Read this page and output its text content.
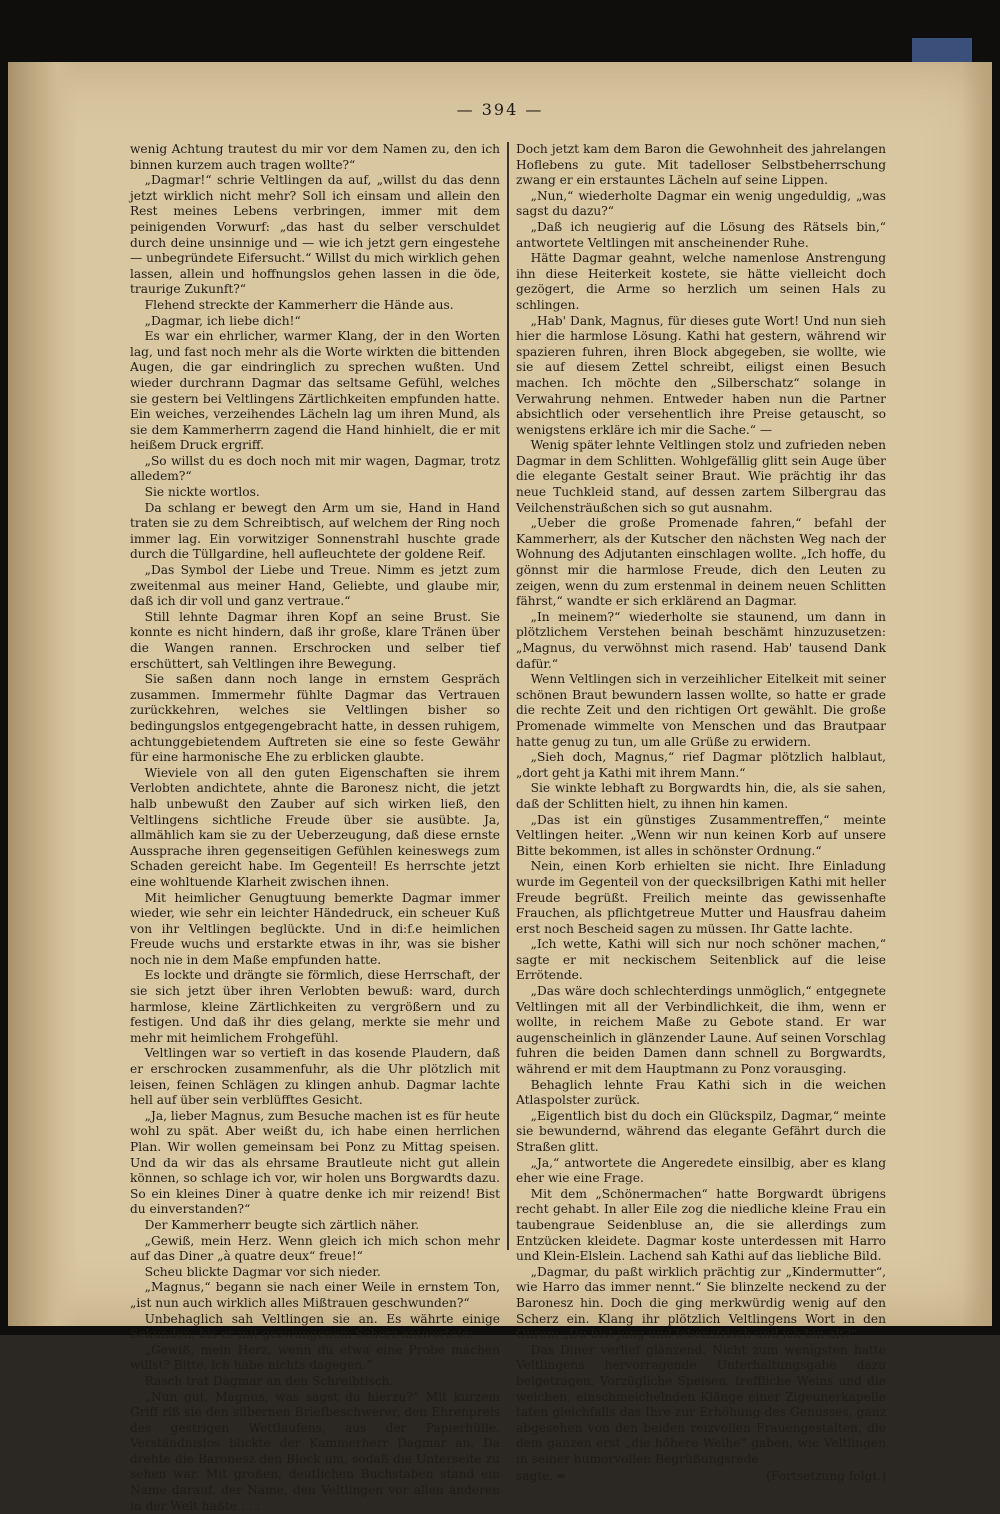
— 394 —

wenig Achtung trautest du mir vor dem Namen zu, den ich binnen kurzem auch tragen wollte?“

„Dagmar!“ schrie Veltlingen da auf, „willst du das denn jetzt wirklich nicht mehr? Soll ich einsam und allein den Rest meines Lebens verbringen, immer mit dem peinigenden Vorwurf: „das hast du selber verschuldet durch deine unsinnige und — wie ich jetzt gern eingestehe — unbegründete Eifersucht.“ Willst du mich wirklich gehen lassen, allein und hoffnungslos gehen lassen in die öde, traurige Zukunft?“

Flehend streckte der Kammerherr die Hände aus.

„Dagmar, ich liebe dich!“

Es war ein ehrlicher, warmer Klang, der in den Worten lag, und fast noch mehr als die Worte wirkten die bittenden Augen, die gar eindringlich zu sprechen wußten. Und wieder durchrann Dagmar das seltsame Gefühl, welches sie gestern bei Veltlingens Zärtlichkeiten empfunden hatte. Ein weiches, verzeihendes Lächeln lag um ihren Mund, als sie dem Kammerherrn zagend die Hand hinhielt, die er mit heißem Druck ergriff.

„So willst du es doch noch mit mir wagen, Dagmar, trotz alledem?“

Sie nickte wortlos.

Da schlang er bewegt den Arm um sie, Hand in Hand traten sie zu dem Schreibtisch, auf welchem der Ring noch immer lag. Ein vorwitziger Sonnenstrahl huschte grade durch die Tüllgardine, hell aufleuchtete der goldene Reif.

„Das Symbol der Liebe und Treue. Nimm es jetzt zum zweitenmal aus meiner Hand, Geliebte, und glaube mir, daß ich dir voll und ganz vertraue.“

Still lehnte Dagmar ihren Kopf an seine Brust. Sie konnte es nicht hindern, daß ihr große, klare Tränen über die Wangen rannen. Erschrocken und selber tief erschüttert, sah Veltlingen ihre Bewegung.

Sie saßen dann noch lange in ernstem Gespräch zusammen. Immermehr fühlte Dagmar das Vertrauen zurückkehren, welches sie Veltlingen bisher so bedingungslos entgegengebracht hatte, in dessen ruhigem, achtunggebietendem Auftreten sie eine so feste Gewähr für eine harmonische Ehe zu erblicken glaubte.

Wieviele von all den guten Eigenschaften sie ihrem Verlobten andichtete, ahnte die Baronesz nicht, die jetzt halb unbewußt den Zauber auf sich wirken ließ, den Veltlingens sichtliche Freude über sie ausübte. Ja, allmählich kam sie zu der Ueberzeugung, daß diese ernste Aussprache ihren gegenseitigen Gefühlen keineswegs zum Schaden gereicht habe. Im Gegenteil! Es herrschte jetzt eine wohltuende Klarheit zwischen ihnen.

Mit heimlicher Genugtuung bemerkte Dagmar immer wieder, wie sehr ein leichter Händedruck, ein scheuer Kuß von ihr Veltlingen beglückte. Und in di:f.e heimlichen Freude wuchs und erstarkte etwas in ihr, was sie bisher noch nie in dem Maße empfunden hatte.

Es lockte und drängte sie förmlich, diese Herrschaft, der sie sich jetzt über ihren Verlobten bewuß: ward, durch harmlose, kleine Zärtlichkeiten zu vergrößern und zu festigen. Und daß ihr dies gelang, merkte sie mehr und mehr mit heimlichem Frohgefühl.

Veltlingen war so vertieft in das kosende Plaudern, daß er erschrocken zusammenfuhr, als die Uhr plötzlich mit leisen, feinen Schlägen zu klingen anhub. Dagmar lachte hell auf über sein verblüfftes Gesicht.

„Ja, lieber Magnus, zum Besuche machen ist es für heute wohl zu spät. Aber weißt du, ich habe einen herrlichen Plan. Wir wollen gemeinsam bei Ponz zu Mittag speisen. Und da wir das als ehrsame Brautleute nicht gut allein können, so schlage ich vor, wir holen uns Borgwardts dazu. So ein kleines Diner à quatre denke ich mir reizend! Bist du einverstanden?“

Der Kammerherr beugte sich zärtlich näher.

„Gewiß, mein Herz. Wenn gleich ich mich schon mehr auf das Diner „à quatre deux“ freue!“

Scheu blickte Dagmar vor sich nieder.

„Magnus,“ begann sie nach einer Weile in ernstem Ton, „ist nun auch wirklich alles Mißtrauen geschwunden?“

Unbehaglich sah Veltlingen sie an. Es währte einige Sekunden, bis er mit gezwungenem Scherz antwortete:

„Gewiß, mein Herz, wenn du etwa eine Probe machen willst? Bitte, ich habe nichts dagegen.“

Rasch trat Dagmar an den Schreibtisch.

„Nun gut, Magnus, was sagst du hierzu?“ Mit kurzem Griff riß sie den silbernen Briefbeschwerer, den Ehrenpreis des gestrigen Wettlaufens, aus der Papierhülle. Verständnislos blickte der Kammerherr Dagmar an. Da drehte die Baronesz den Block um, sodaß die Unterseite zu sehen war. Mit großen, deutlichen Buchstaben stand ein Name darauf, der Name, den Veltlingen vor allen anderen in der Welt haßte . . .

Doch jetzt kam dem Baron die Gewohnheit des jahrelangen Hoflebens zu gute. Mit tadelloser Selbstbeherrschung zwang er ein erstauntes Lächeln auf seine Lippen.

„Nun,“ wiederholte Dagmar ein wenig ungeduldig, „was sagst du dazu?“

„Daß ich neugierig auf die Lösung des Rätsels bin,“ antwortete Veltlingen mit anscheinender Ruhe.

Hätte Dagmar geahnt, welche namenlose Anstrengung ihn diese Heiterkeit kostete, sie hätte vielleicht doch gezögert, die Arme so herzlich um seinen Hals zu schlingen.

„Hab' Dank, Magnus, für dieses gute Wort! Und nun sieh hier die harmlose Lösung. Kathi hat gestern, während wir spazieren fuhren, ihren Block abgegeben, sie wollte, wie sie auf diesem Zettel schreibt, eiligst einen Besuch machen. Ich möchte den „Silberschatz“ solange in Verwahrung nehmen. Entweder haben nun die Partner absichtlich oder versehentlich ihre Preise getauscht, so wenigstens erkläre ich mir die Sache.“ —

Wenig später lehnte Veltlingen stolz und zufrieden neben Dagmar in dem Schlitten. Wohlgefällig glitt sein Auge über die elegante Gestalt seiner Braut. Wie prächtig ihr das neue Tuchkleid stand, auf dessen zartem Silbergrau das Veilchensträußchen sich so gut ausnahm.

„Ueber die große Promenade fahren,“ befahl der Kammerherr, als der Kutscher den nächsten Weg nach der Wohnung des Adjutanten einschlagen wollte. „Ich hoffe, du gönnst mir die harmlose Freude, dich den Leuten zu zeigen, wenn du zum erstenmal in deinem neuen Schlitten fährst,“ wandte er sich erklärend an Dagmar.

„In meinem?“ wiederholte sie staunend, um dann in plötzlichem Verstehen beinah beschämt hinzuzusetzen: „Magnus, du verwöhnst mich rasend. Hab' tausend Dank dafür.“

Wenn Veltlingen sich in verzeihlicher Eitelkeit mit seiner schönen Braut bewundern lassen wollte, so hatte er grade die rechte Zeit und den richtigen Ort gewählt. Die große Promenade wimmelte von Menschen und das Brautpaar hatte genug zu tun, um alle Grüße zu erwidern.

„Sieh doch, Magnus,“ rief Dagmar plötzlich halblaut, „dort geht ja Kathi mit ihrem Mann.“

Sie winkte lebhaft zu Borgwardts hin, die, als sie sahen, daß der Schlitten hielt, zu ihnen hin kamen.

„Das ist ein günstiges Zusammentreffen,“ meinte Veltlingen heiter. „Wenn wir nun keinen Korb auf unsere Bitte bekommen, ist alles in schönster Ordnung.“

Nein, einen Korb erhielten sie nicht. Ihre Einladung wurde im Gegenteil von der quecksilbrigen Kathi mit heller Freude begrüßt. Freilich meinte das gewissenhafte Frauchen, als pflichtgetreue Mutter und Hausfrau daheim erst noch Bescheid sagen zu müssen. Ihr Gatte lachte.

„Ich wette, Kathi will sich nur noch schöner machen,“ sagte er mit neckischem Seitenblick auf die leise Errötende.

„Das wäre doch schlechterdings unmöglich,“ entgegnete Veltlingen mit all der Verbindlichkeit, die ihm, wenn er wollte, in reichem Maße zu Gebote stand. Er war augenscheinlich in glänzender Laune. Auf seinen Vorschlag fuhren die beiden Damen dann schnell zu Borgwardts, während er mit dem Hauptmann zu Ponz vorausging.

Behaglich lehnte Frau Kathi sich in die weichen Atlaspolster zurück.

„Eigentlich bist du doch ein Glückspilz, Dagmar,“ meinte sie bewundernd, während das elegante Gefährt durch die Straßen glitt.

„Ja,“ antwortete die Angeredete einsilbig, aber es klang eher wie eine Frage.

Mit dem „Schönermachen“ hatte Borgwardt übrigens recht gehabt. In aller Eile zog die niedliche kleine Frau ein taubengraue Seidenbluse an, die sie allerdings zum Entzücken kleidete. Dagmar koste unterdessen mit Harro und Klein-Elslein. Lachend sah Kathi auf das liebliche Bild.

„Dagmar, du paßt wirklich prächtig zur „Kindermutter“, wie Harro das immer nennt.“ Sie blinzelte neckend zu der Baronesz hin. Doch die ging merkwürdig wenig auf den Scherz ein. Klang ihr plötzlich Veltlingens Wort in den Ohren: „Du bist jung und lebensfrisch und ich bin alt?“

Das Diner verlief glänzend. Nicht zum wenigsten hatte Veltlingens hervorragende Unterhaltungsgabe dazu beigetragen. Vorzügliche Speisen, treffliche Weins und die weichen, einschmeichelnden Klänge einer Zigeunerkapelle taten gleichfalls das Ihre zur Erhöhung des Genusses, ganz abgesehen von den beiden reizvollen Frauengestalten, die dem ganzen erst „die höhere Weihe“ gaben, wie Veltlingen in seiner humorvollen Begrüßungsrede

sagte. ═	(Fortsetzung folgt.)
